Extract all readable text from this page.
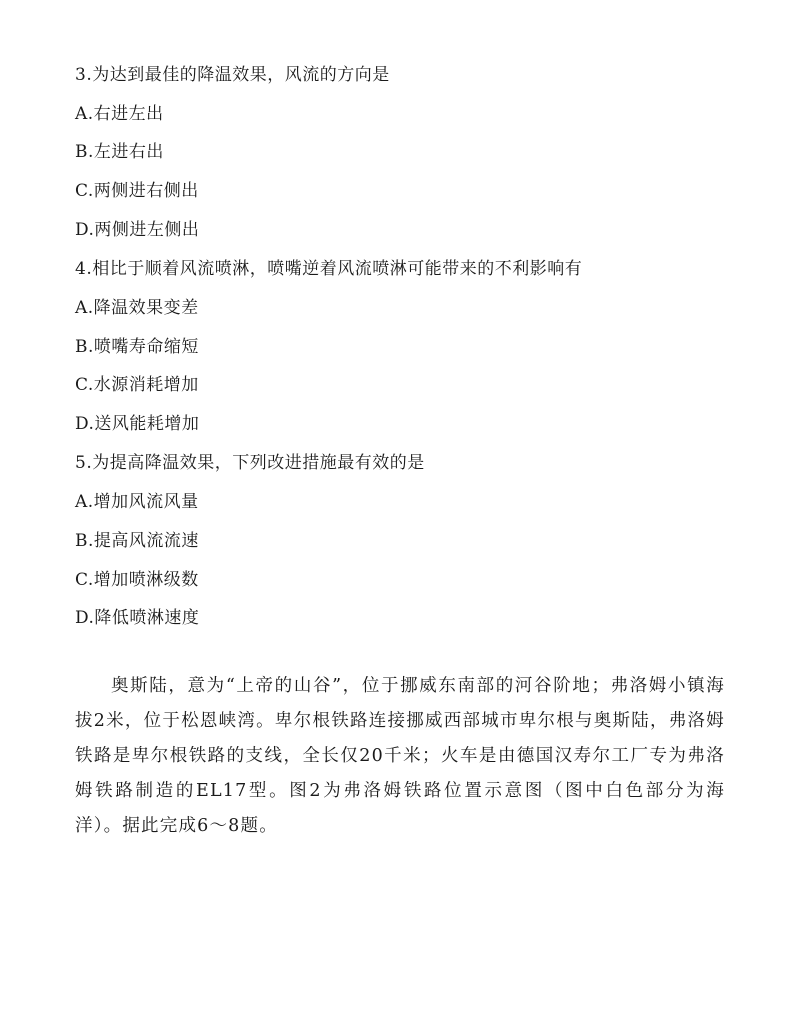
3.为达到最佳的降温效果，风流的方向是
A.右进左出
B.左进右出
C.两侧进右侧出
D.两侧进左侧出
4.相比于顺着风流喷淋，喷嘴逆着风流喷淋可能带来的不利影响有
A.降温效果变差
B.喷嘴寿命缩短
C.水源消耗增加
D.送风能耗增加
5.为提高降温效果，下列改进措施最有效的是
A.增加风流风量
B.提高风流流速
C.增加喷淋级数
D.降低喷淋速度

奥斯陆，意为“上帝的山谷”，位于挪威东南部的河谷阶地；弗洛姆小镇海拔2米，位于松恩峡湾。卑尔根铁路连接挪威西部城市卑尔根与奥斯陆，弗洛姆铁路是卑尔根铁路的支线，全长仅20千米；火车是由德国汉寿尔工厂专为弗洛姆铁路制造的EL17型。图2为弗洛姆铁路位置示意图（图中白色部分为海洋）。据此完成6～8题。
